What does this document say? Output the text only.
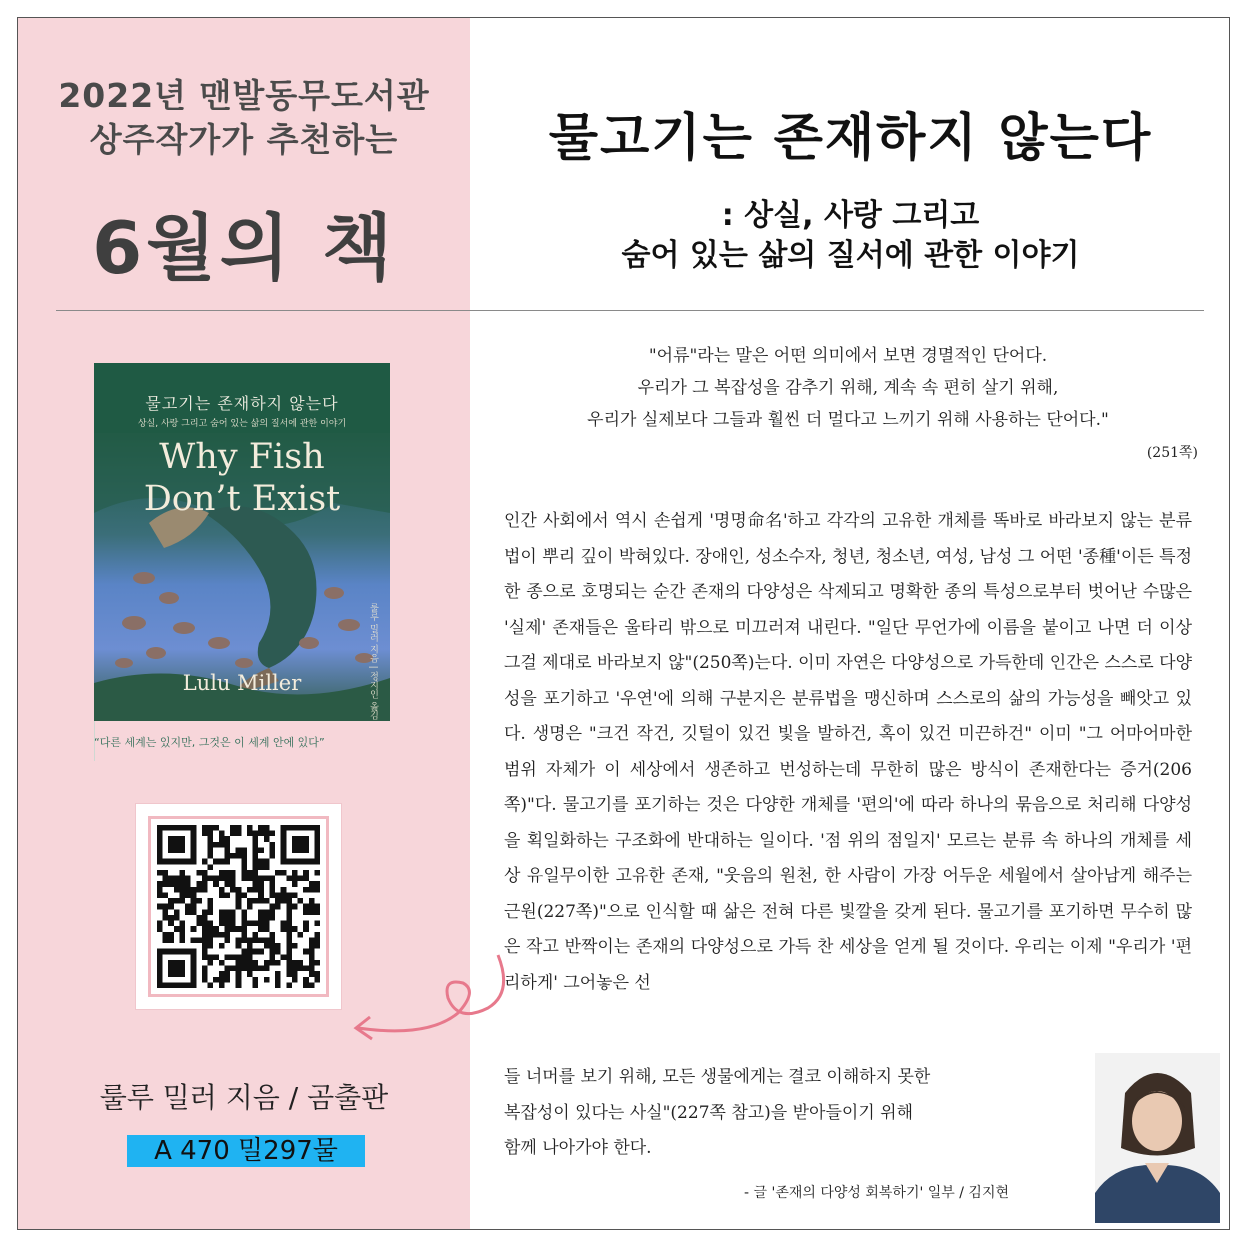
2022년 맨발동무도서관
상주작가가 추천하는
6월의 책
물고기는 존재하지 않는다
상실, 사랑 그리고 숨어 있는 삶의 질서에 관한 이야기
Why Fish
Don’t Exist
룰루 밀러 지음 | 정지인 옮김
Lulu Miller
“다른 세계는 있지만, 그것은 이 세계 안에 있다”
룰루 밀러 지음 / 곰출판
A 470 밀297물
물고기는 존재하지 않는다
: 상실, 사랑 그리고
숨어 있는 삶의 질서에 관한 이야기
"어류"라는 말은 어떤 의미에서 보면 경멸적인 단어다.
우리가 그 복잡성을 감추기 위해, 계속 속 편히 살기 위해,
우리가 실제보다 그들과 훨씬 더 멀다고 느끼기 위해 사용하는 단어다."
(251쪽)

인간 사회에서 역시 손쉽게 '명명命名'하고 각각의 고유한 개체를 똑바로 바라보지 않는 분류법이 뿌리 깊이 박혀있다. 장애인, 성소수자, 청년, 청소년, 여성, 남성 그 어떤 '종種'이든 특정한 종으로 호명되는 순간 존재의 다양성은 삭제되고 명확한 종의 특성으로부터 벗어난 수많은 '실제' 존재들은 울타리 밖으로 미끄러져 내린다. "일단 무언가에 이름을 붙이고 나면 더 이상 그걸 제대로 바라보지 않"(250쪽)는다. 이미 자연은 다양성으로 가득한데 인간은 스스로 다양성을 포기하고 '우연'에 의해 구분지은 분류법을 맹신하며 스스로의 삶의 가능성을 빼앗고 있다. 생명은 "크건 작건, 깃털이 있건 빛을 발하건, 혹이 있건 미끈하건" 이미 "그 어마어마한 범위 자체가 이 세상에서 생존하고 번성하는데 무한히 많은 방식이 존재한다는 증거(206쪽)"다. 물고기를 포기하는 것은 다양한 개체를 '편의'에 따라 하나의 묶음으로 처리해 다양성을 획일화하는 구조화에 반대하는 일이다. '점 위의 점일지' 모르는 분류 속 하나의 개체를 세상 유일무이한 고유한 존재, "웃음의 원천, 한 사람이 가장 어두운 세월에서 살아남게 해주는 근원(227쪽)"으로 인식할 때 삶은 전혀 다른 빛깔을 갖게 된다. 물고기를 포기하면 무수히 많은 작고 반짝이는 존재의 다양성으로 가득 찬 세상을 얻게 될 것이다. 우리는 이제 "우리가 '편리하게' 그어놓은 선

들 너머를 보기 위해, 모든 생물에게는 결코 이해하지 못한
복잡성이 있다는 사실"(227쪽 참고)을 받아들이기 위해
함께 나아가야 한다.
- 글 '존재의 다양성 회복하기' 일부 / 김지현
